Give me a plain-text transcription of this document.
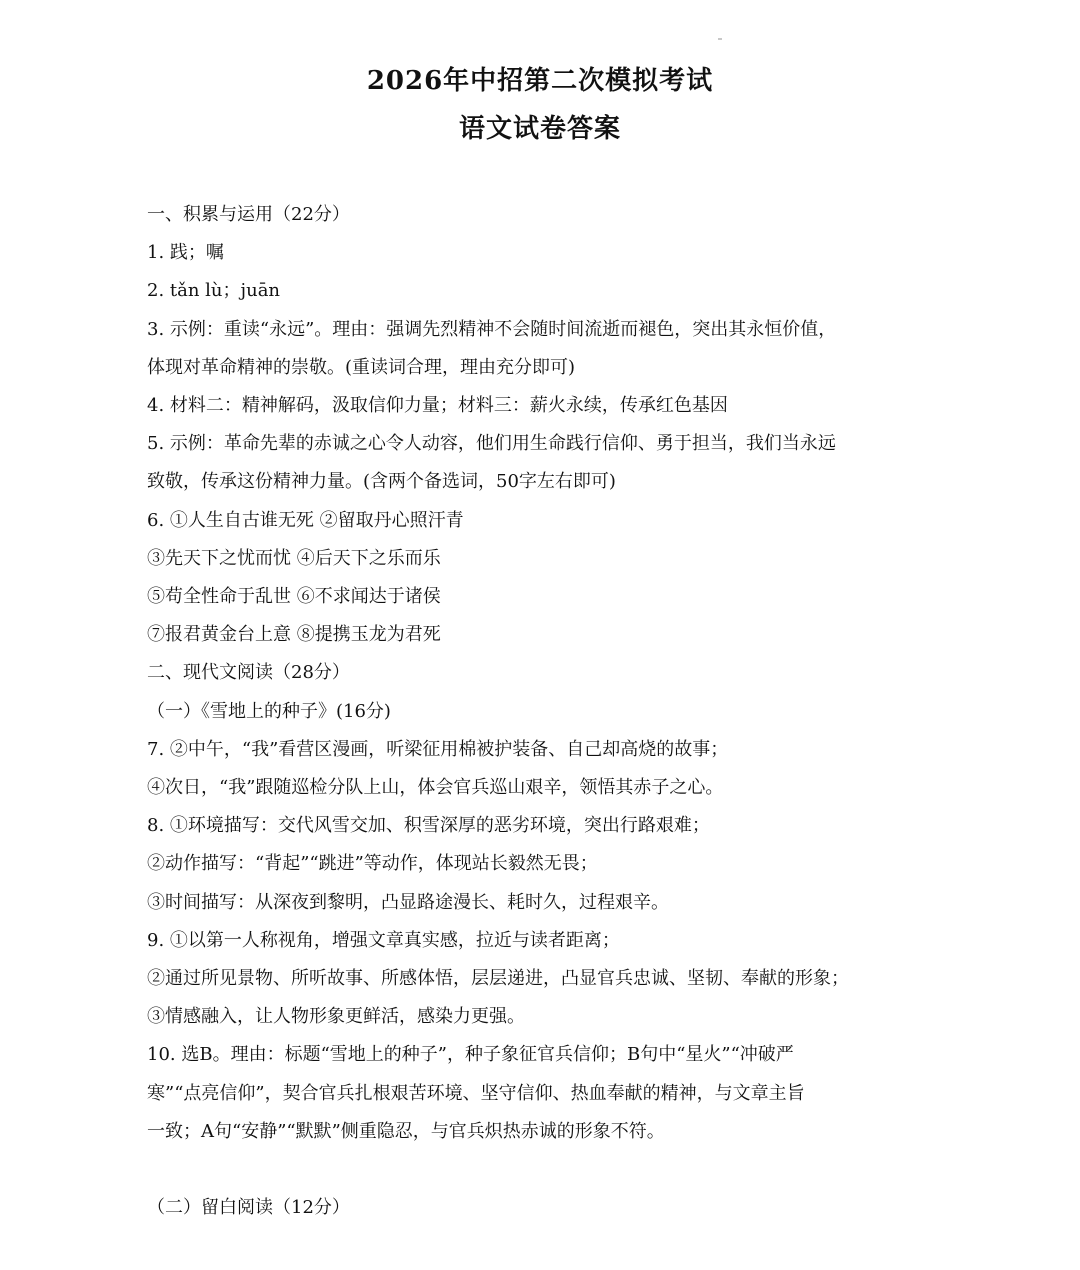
2026年中招第二次模拟考试
语文试卷答案

一、积累与运用（22分）

1. 践；嘱

2. tǎn lù；juān

3. 示例：重读“永远”。理由：强调先烈精神不会随时间流逝而褪色，突出其永恒价值，

体现对革命精神的崇敬。(重读词合理，理由充分即可)

4. 材料二：精神解码，汲取信仰力量；材料三：薪火永续，传承红色基因

5. 示例：革命先辈的赤诚之心令人动容，他们用生命践行信仰、勇于担当，我们当永远

致敬，传承这份精神力量。(含两个备选词，50字左右即可)

6. ①人生自古谁无死 ②留取丹心照汗青

③先天下之忧而忧 ④后天下之乐而乐

⑤苟全性命于乱世 ⑥不求闻达于诸侯

⑦报君黄金台上意 ⑧提携玉龙为君死

二、现代文阅读（28分）

（一）《雪地上的种子》(16分)

7. ②中午，“我”看营区漫画，听梁征用棉被护装备、自己却高烧的故事；

④次日，“我”跟随巡检分队上山，体会官兵巡山艰辛，领悟其赤子之心。

8. ①环境描写：交代风雪交加、积雪深厚的恶劣环境，突出行路艰难；

②动作描写：“背起”“跳进”等动作，体现站长毅然无畏；

③时间描写：从深夜到黎明，凸显路途漫长、耗时久，过程艰辛。

9. ①以第一人称视角，增强文章真实感，拉近与读者距离；

②通过所见景物、所听故事、所感体悟，层层递进，凸显官兵忠诚、坚韧、奉献的形象；

③情感融入，让人物形象更鲜活，感染力更强。

10. 选B。理由：标题“雪地上的种子”，种子象征官兵信仰；B句中“星火”“冲破严

寒”“点亮信仰”，契合官兵扎根艰苦环境、坚守信仰、热血奉献的精神，与文章主旨

一致；A句“安静”“默默”侧重隐忍，与官兵炽热赤诚的形象不符。

（二）留白阅读（12分）
